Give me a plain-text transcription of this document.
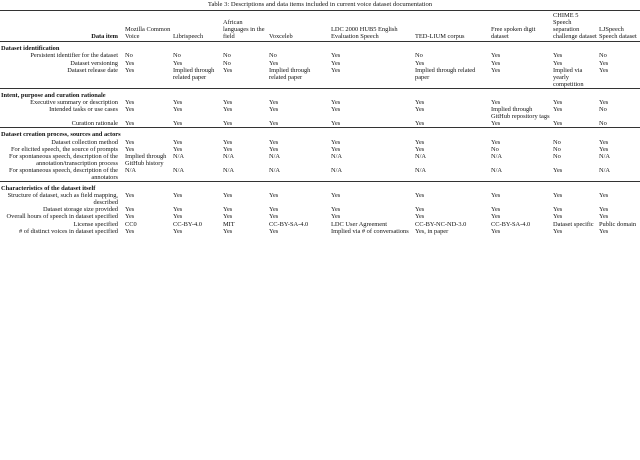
Table 3: Descriptions and data items included in current voice dataset documentation
Data item	Mozilla Common Voice	Librispeech	African languages in the field	Voxceleb	LDC 2000 HUB5 English Evaluation Speech	TED-LIUM corpus	Free spoken digit dataset	CHIME 5 Speech separation challenge dataset	LJSpeech Speech dataset
Dataset identification									
Persistent identifier for the dataset	No	No	No	No	Yes	No	Yes	Yes	No
Dataset versioning	Yes	Yes	No	Yes	Yes	Yes	Yes	Yes	Yes
Dataset release date	Yes	Implied through related paper	Yes	Implied through related paper	Yes	Implied through related paper	Yes	Implied via yearly competition	Yes
Intent, purpose and curation rationale									
Executive summary or description	Yes	Yes	Yes	Yes	Yes	Yes	Yes	Yes	Yes
Intended tasks or use cases	Yes	Yes	Yes	Yes	Yes	Yes	Implied through GitHub repository tags	Yes	No
Curation rationale	Yes	Yes	Yes	Yes	Yes	Yes	Yes	Yes	No
Dataset creation process, sources and actors									
Dataset collection method	Yes	Yes	Yes	Yes	Yes	Yes	Yes	No	Yes
For elicited speech, the source of prompts	Yes	Yes	Yes	Yes	Yes	Yes	No	No	Yes
For spontaneous speech, description of the annotation/transcription process	Implied through GitHub history	N/A	N/A	N/A	N/A	N/A	N/A	No	N/A
For spontaneous speech, description of the annotators	N/A	N/A	N/A	N/A	N/A	N/A	N/A	Yes	N/A
Characteristics of the dataset itself									
Structure of dataset, such as field mapping, described	Yes	Yes	Yes	Yes	Yes	Yes	Yes	Yes	Yes
Dataset storage size provided	Yes	Yes	Yes	Yes	Yes	Yes	Yes	Yes	Yes
Overall hours of speech in dataset specified	Yes	Yes	Yes	Yes	Yes	Yes	Yes	Yes	Yes
License specified	CC0	CC-BY-4.0	MIT	CC-BY-SA-4.0	LDC User Agreement	CC-BY-NC-ND-3.0	CC-BY-SA-4.0	Dataset specific	Public domain
# of distinct voices in dataset specified	Yes	Yes	Yes	Yes	Implied via # of conversations	Yes, in paper	Yes	Yes	Yes
